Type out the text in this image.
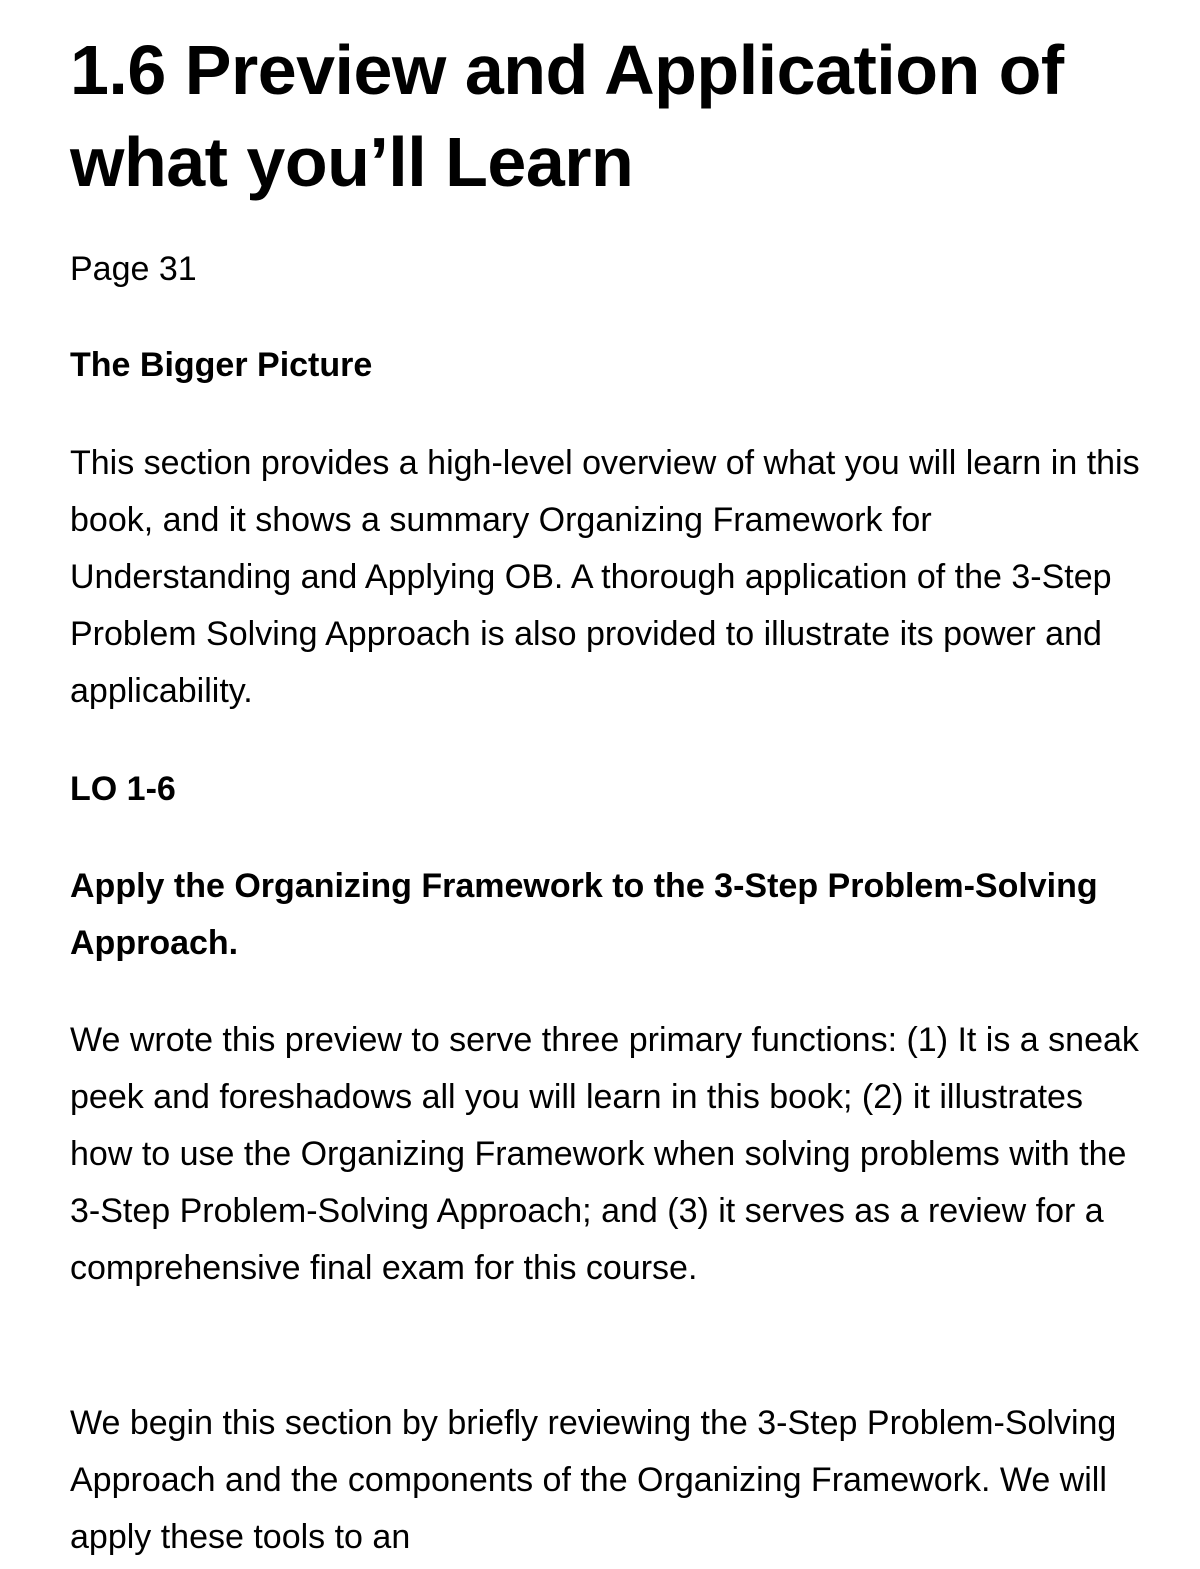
1.6 Preview and Application of what you’ll Learn

Page 31

The Bigger Picture

This section provides a high-level overview of what you will learn in this book, and it shows a summary Organizing Framework for Understanding and Applying OB. A thorough application of the 3-Step Problem Solving Approach is also provided to illustrate its power and applicability.

LO 1-6

Apply the Organizing Framework to the 3-Step Problem-Solving Approach.

We wrote this preview to serve three primary functions: (1) It is a sneak peek and foreshadows all you will learn in this book; (2) it illustrates how to use the Organizing Framework when solving problems with the 3-Step Problem-Solving Approach; and (3) it serves as a review for a comprehensive final exam for this course.

We begin this section by briefly reviewing the 3-Step Problem-Solving Approach and the components of the Organizing Framework. We will apply these tools to an
